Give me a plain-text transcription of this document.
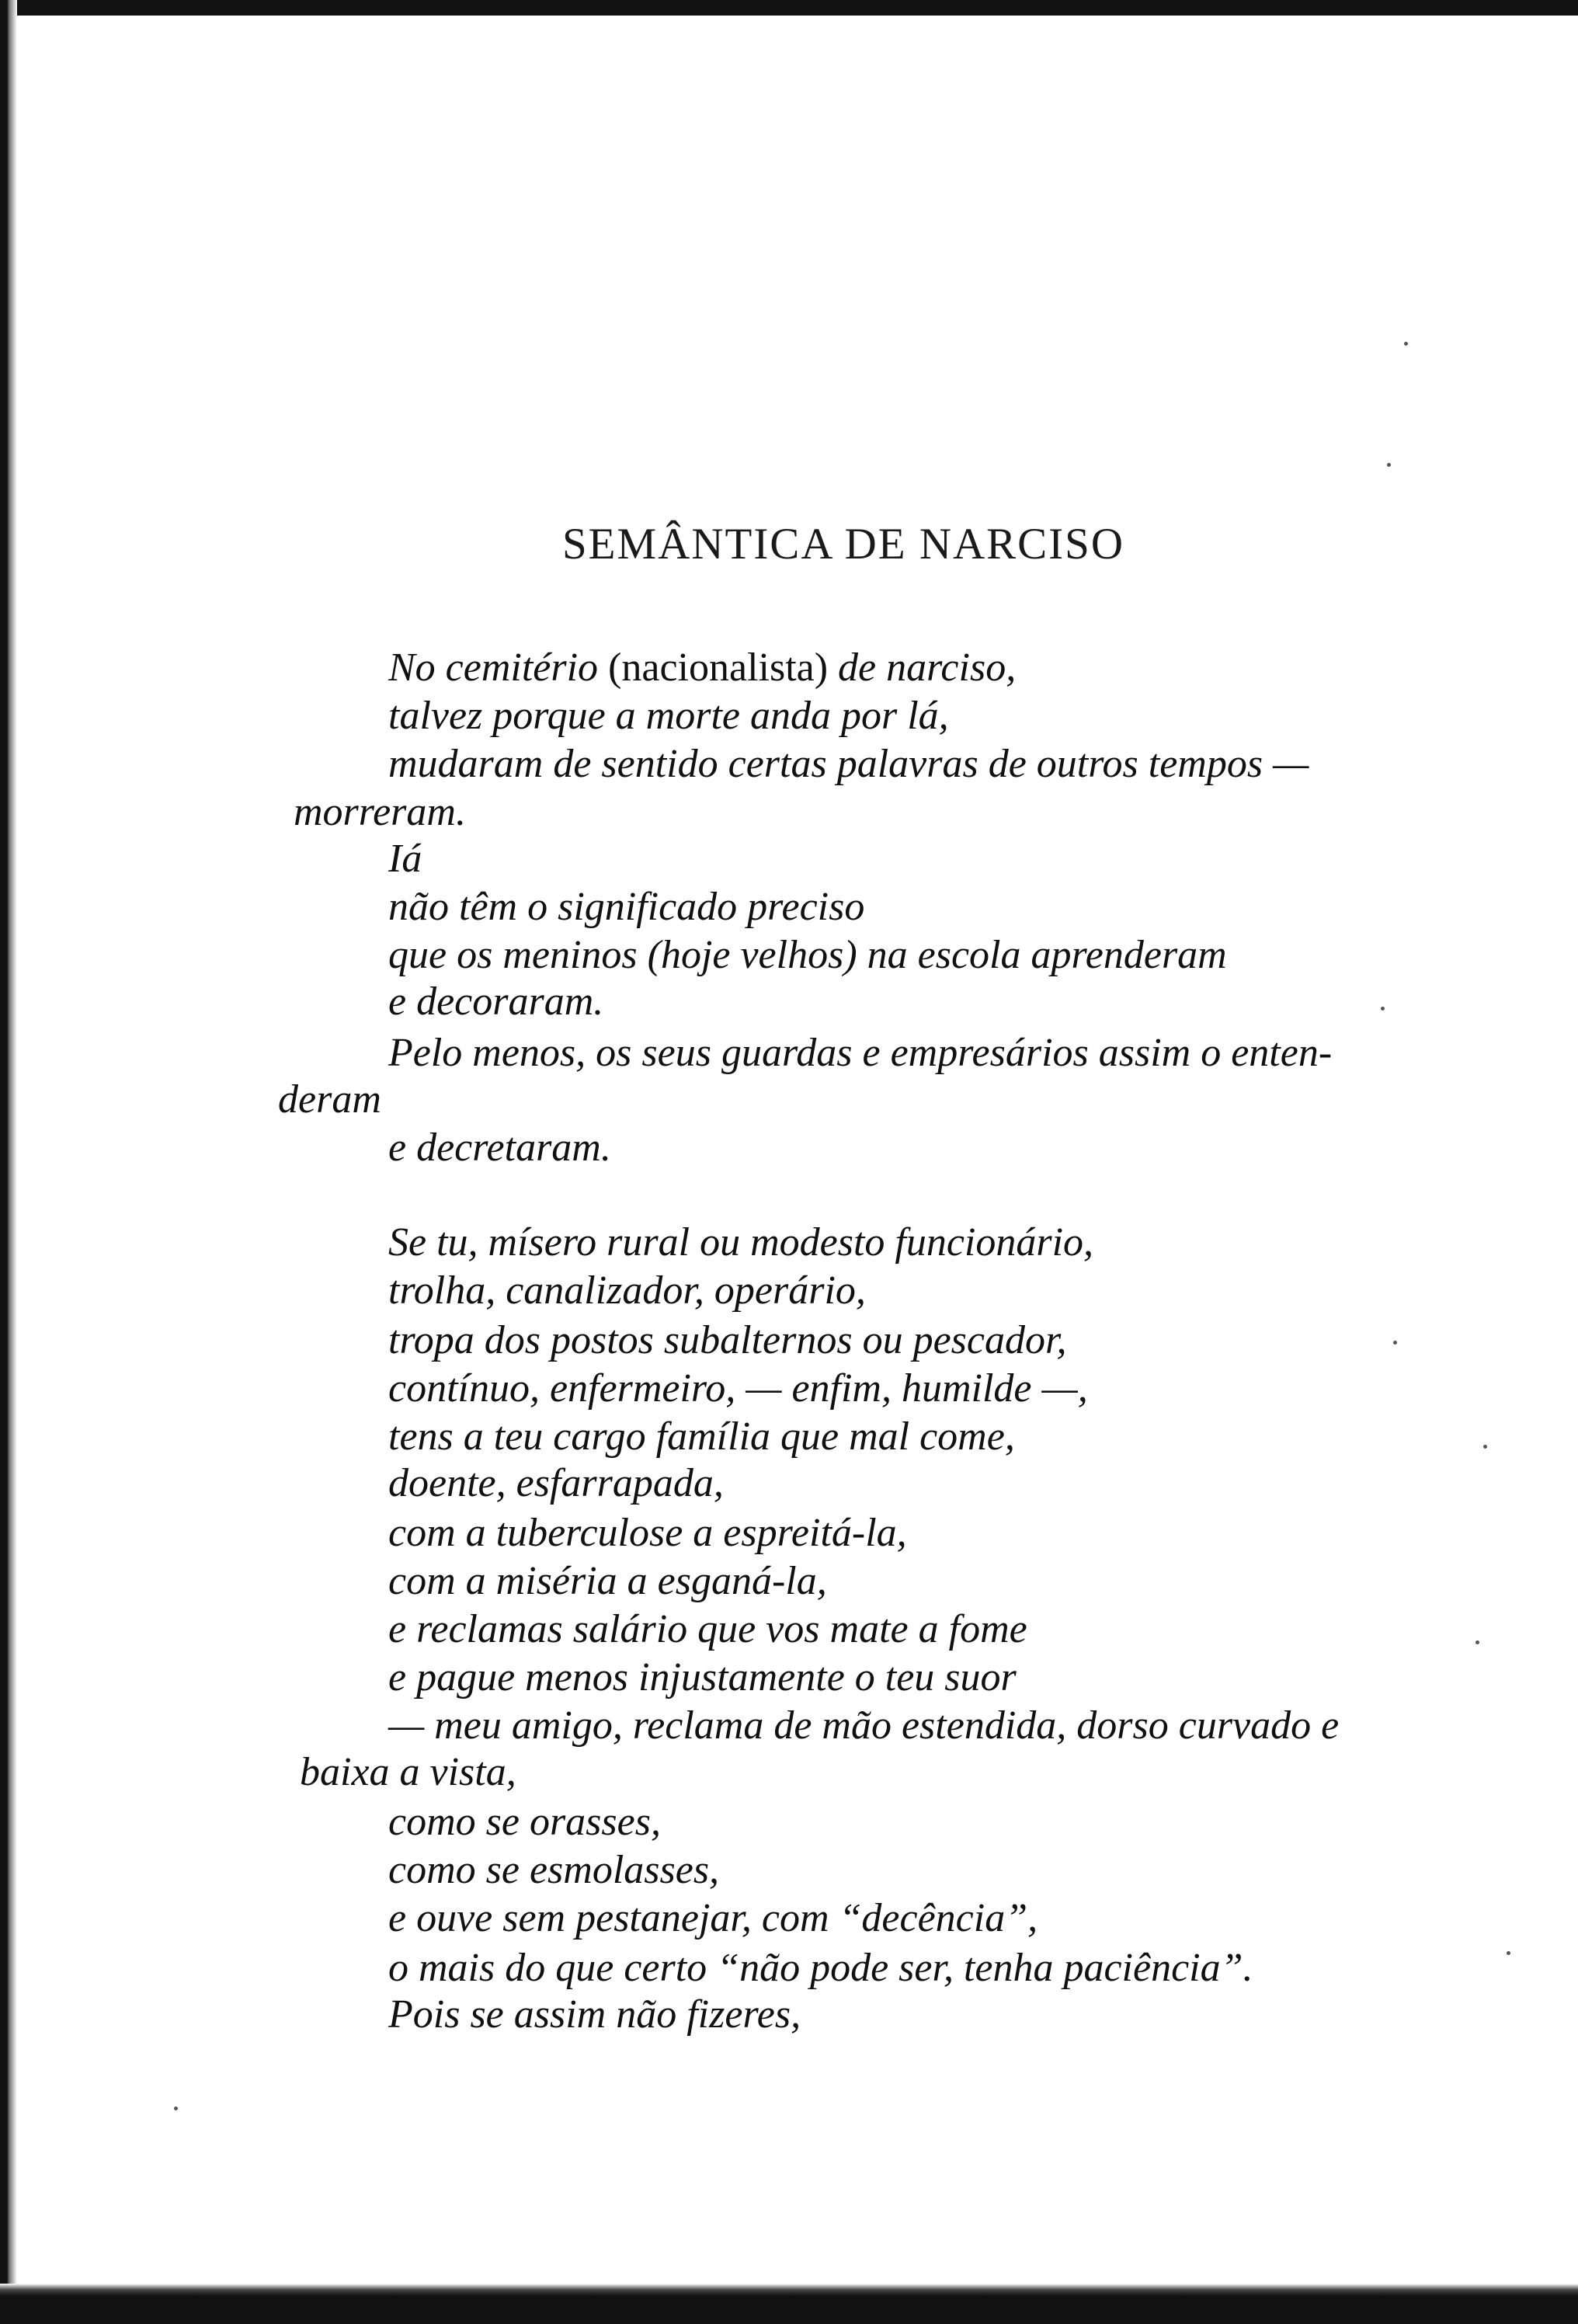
SEMÂNTICA DE NARCISO
No cemitério (nacionalista) de narciso,
talvez porque a morte anda por lá,
mudaram de sentido certas palavras de outros tempos —
morreram.
Iá
não têm o significado preciso
que os meninos (hoje velhos) na escola aprenderam
e decoraram.
Pelo menos, os seus guardas e empresários assim o enten-
deram
e decretaram.
Se tu, mísero rural ou modesto funcionário,
trolha, canalizador, operário,
tropa dos postos subalternos ou pescador,
contínuo, enfermeiro, — enfim, humilde —,
tens a teu cargo família que mal come,
doente, esfarrapada,
com a tuberculose a espreitá-la,
com a miséria a esganá-la,
e reclamas salário que vos mate a fome
e pague menos injustamente o teu suor
— meu amigo, reclama de mão estendida, dorso curvado e
baixa a vista,
como se orasses,
como se esmolasses,
e ouve sem pestanejar, com “decência”,
o mais do que certo “não pode ser, tenha paciência”.
Pois se assim não fizeres,
